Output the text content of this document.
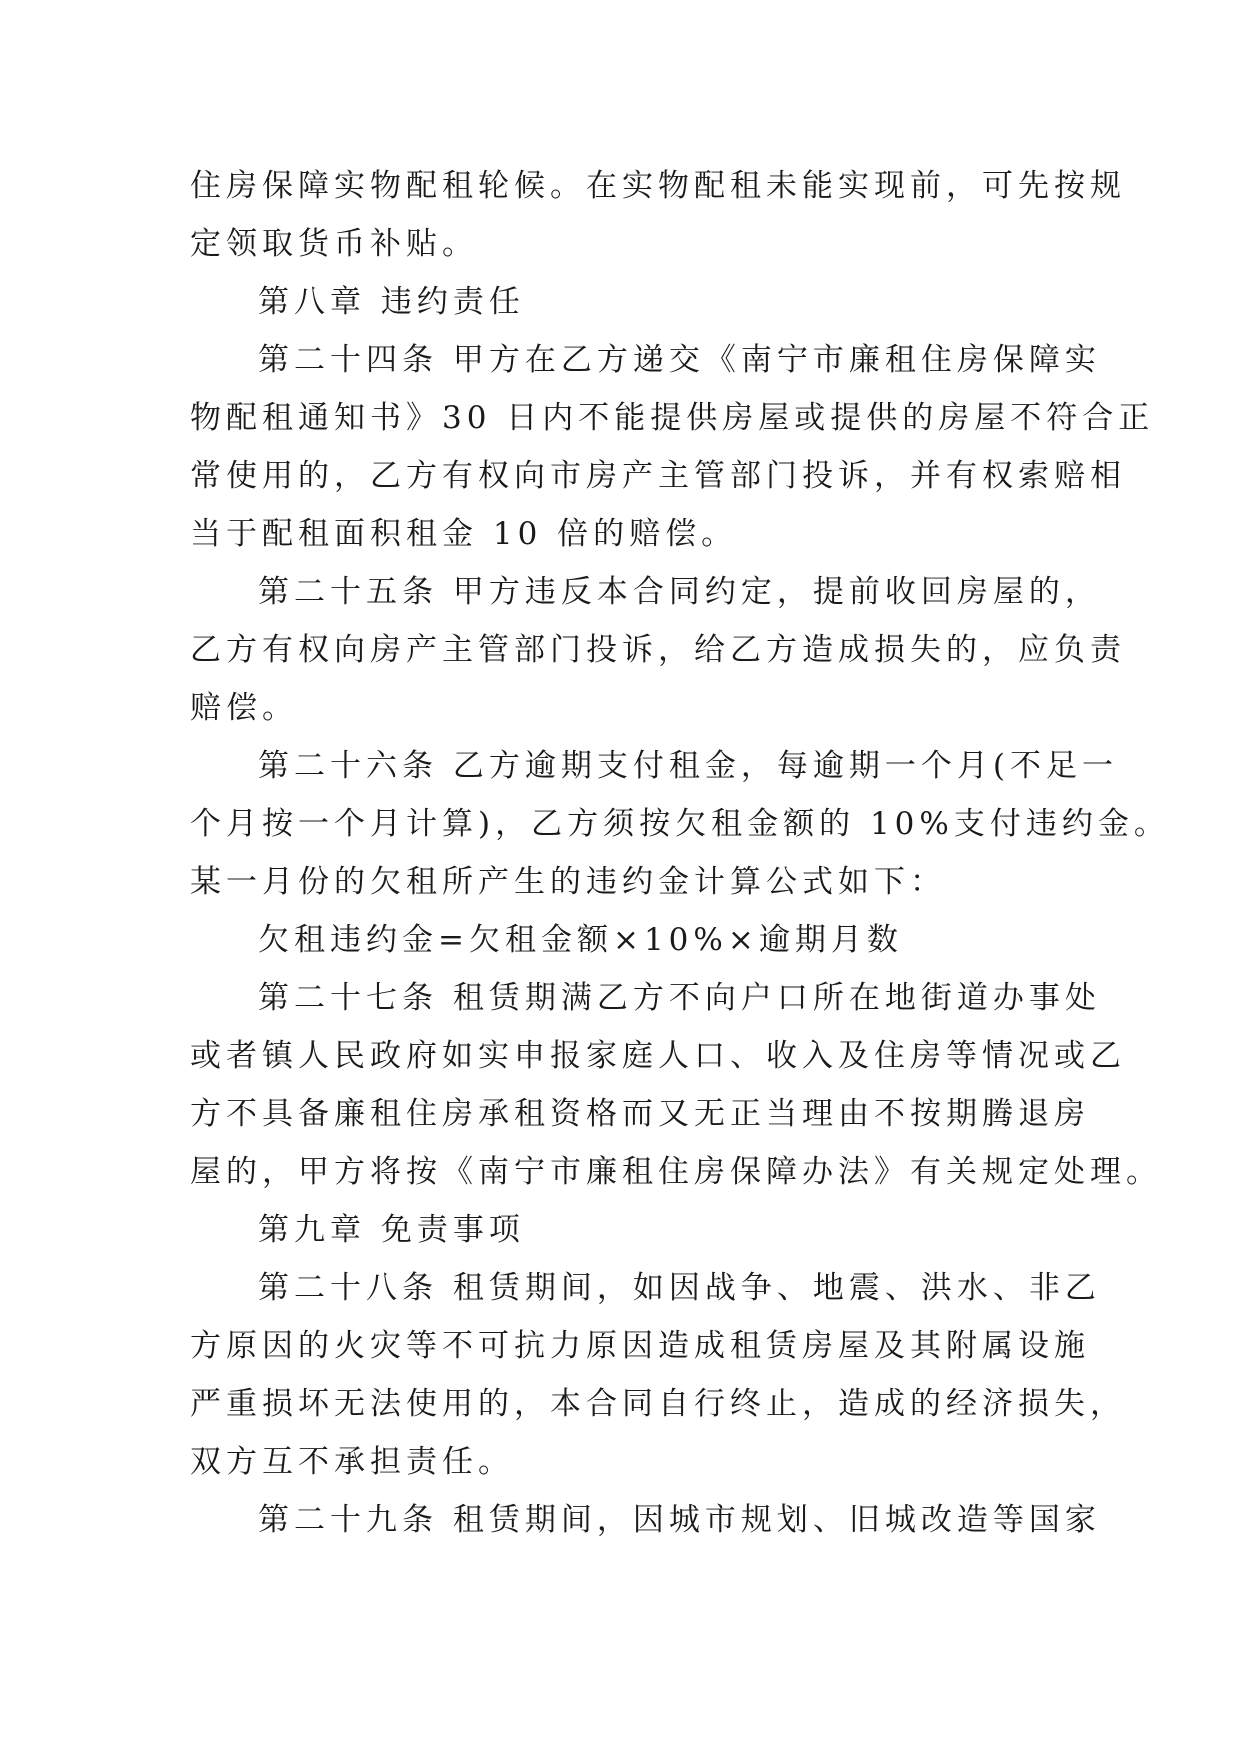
住房保障实物配租轮候。在实物配租未能实现前，可先按规
定领取货币补贴。
第八章 违约责任
第二十四条 甲方在乙方递交《南宁市廉租住房保障实
物配租通知书》30 日内不能提供房屋或提供的房屋不符合正
常使用的，乙方有权向市房产主管部门投诉，并有权索赔相
当于配租面积租金 10 倍的赔偿。
第二十五条 甲方违反本合同约定，提前收回房屋的，
乙方有权向房产主管部门投诉，给乙方造成损失的，应负责
赔偿。
第二十六条 乙方逾期支付租金，每逾期一个月(不足一
个月按一个月计算)，乙方须按欠租金额的 10%支付违约金。
某一月份的欠租所产生的违约金计算公式如下：
欠租违约金=欠租金额×10%×逾期月数
第二十七条 租赁期满乙方不向户口所在地街道办事处
或者镇人民政府如实申报家庭人口、收入及住房等情况或乙
方不具备廉租住房承租资格而又无正当理由不按期腾退房
屋的，甲方将按《南宁市廉租住房保障办法》有关规定处理。
第九章 免责事项
第二十八条 租赁期间，如因战争、地震、洪水、非乙
方原因的火灾等不可抗力原因造成租赁房屋及其附属设施
严重损坏无法使用的，本合同自行终止，造成的经济损失，
双方互不承担责任。
第二十九条 租赁期间，因城市规划、旧城改造等国家
